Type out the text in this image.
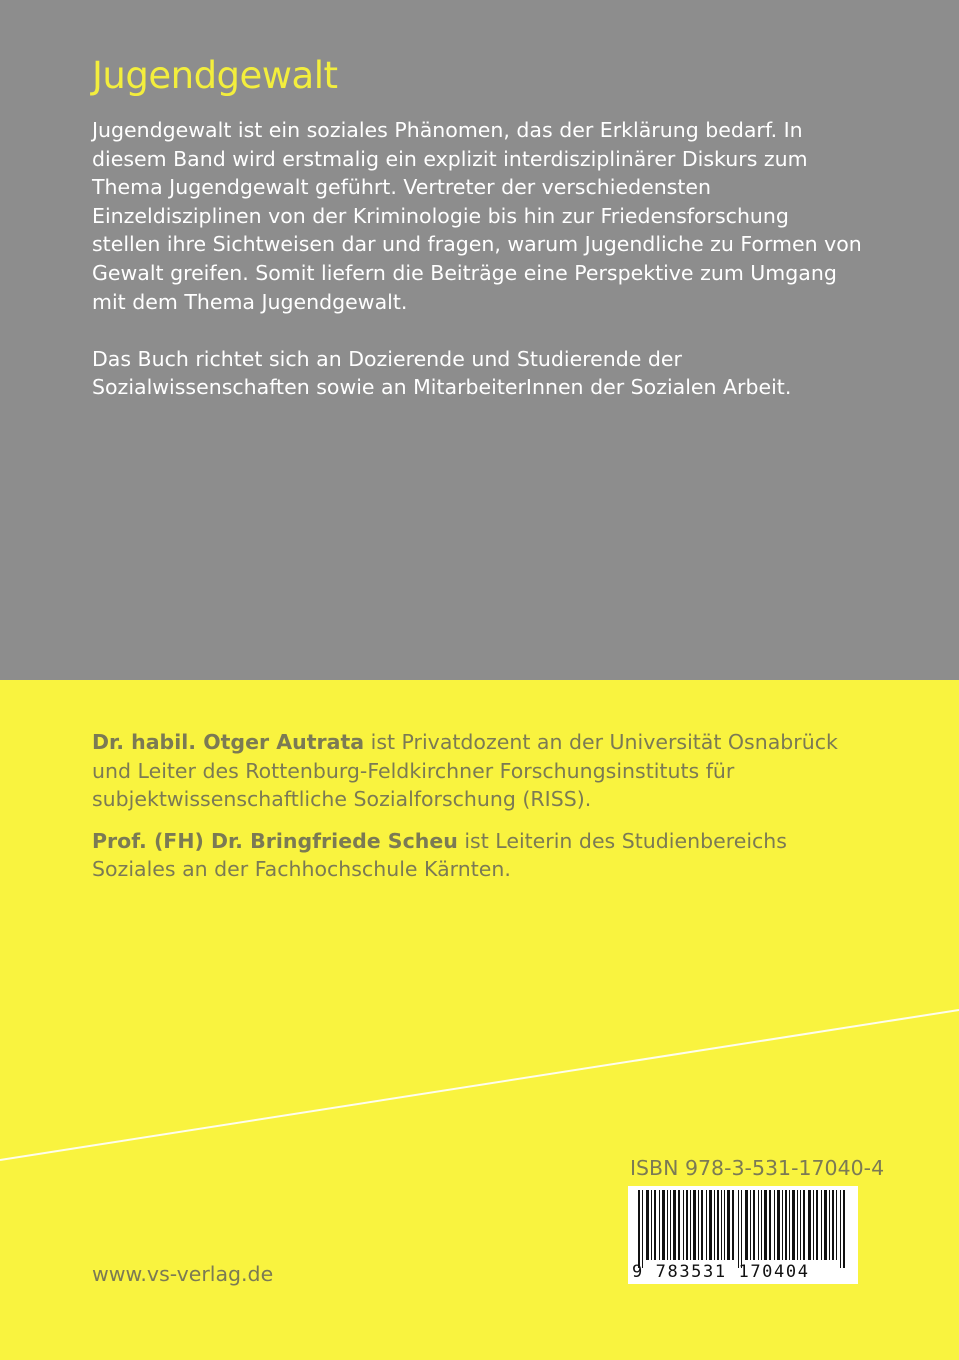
Jugendgewalt

Jugendgewalt ist ein soziales Phänomen, das der Erklärung bedarf. In diesem Band wird erstmalig ein explizit interdisziplinärer Diskurs zum Thema Jugendgewalt geführt. Vertreter der verschiedensten Einzeldisziplinen von der Kriminologie bis hin zur Friedensforschung stellen ihre Sichtweisen dar und fragen, warum Jugendliche zu Formen von Gewalt greifen. Somit liefern die Beiträge eine Perspektive zum Umgang mit dem Thema Jugendgewalt.

Das Buch richtet sich an Dozierende und Studierende der Sozialwissenschaften sowie an MitarbeiterInnen der Sozialen Arbeit.

Dr. habil. Otger Autrata ist Privatdozent an der Universität Osnabrück und Leiter des Rottenburg-Feldkirchner Forschungsinstituts für subjektwissenschaftliche Sozialforschung (RISS).

Prof. (FH) Dr. Bringfriede Scheu ist Leiterin des Studienbereichs Soziales an der Fachhochschule Kärnten.

ISBN 978-3-531-17040-4
9 783531 170404
www.vs-verlag.de
